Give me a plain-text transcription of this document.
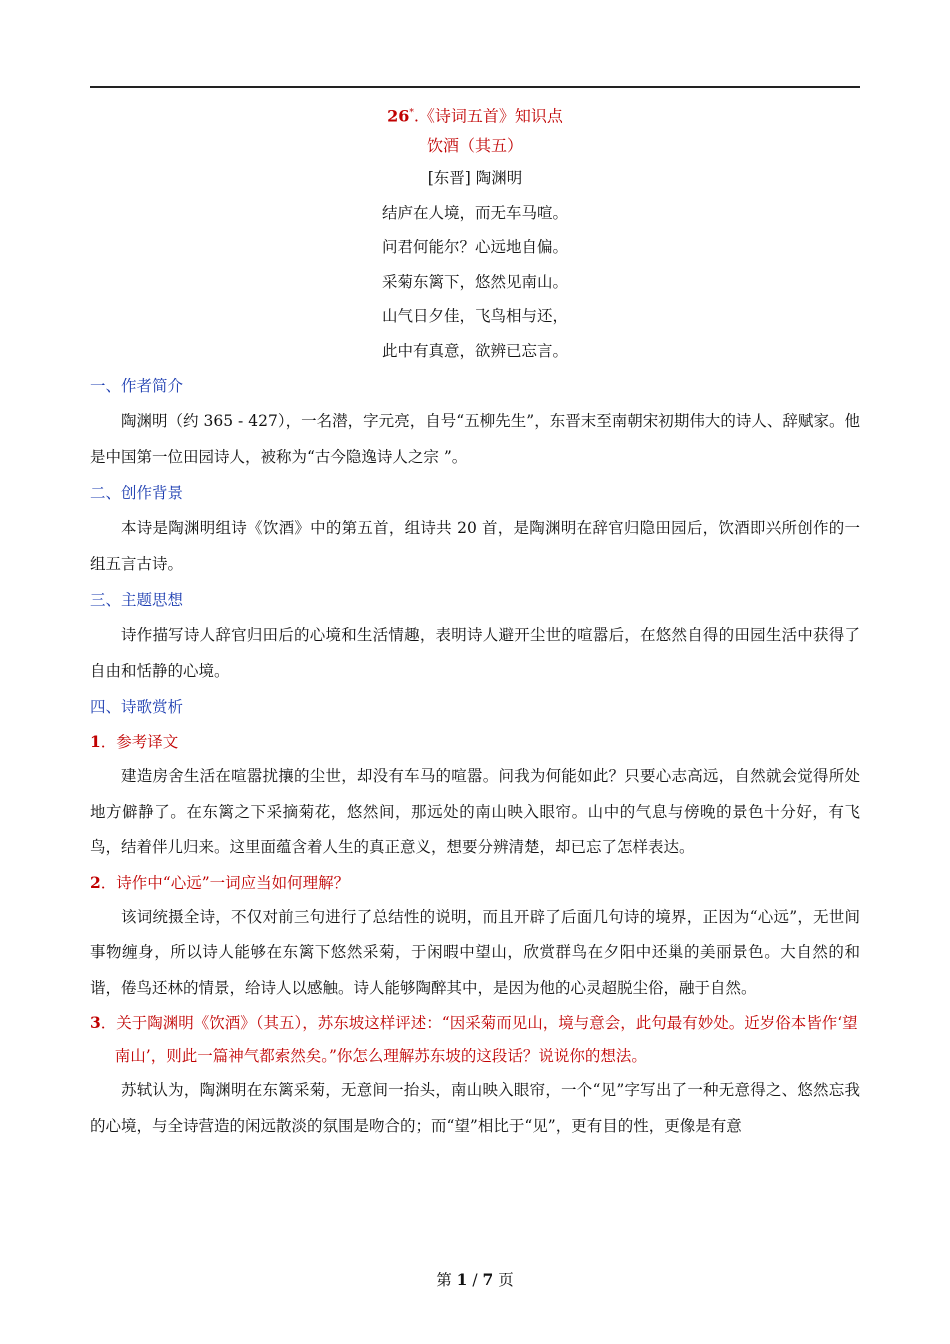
26*.《诗词五首》知识点
饮酒（其五）
[东晋] 陶渊明
结庐在人境，而无车马喧。
问君何能尔？心远地自偏。
采菊东篱下，悠然见南山。
山气日夕佳，飞鸟相与还，
此中有真意，欲辨已忘言。
一、作者简介

陶渊明（约 365 - 427），一名潜，字元亮，自号“五柳先生”，东晋末至南朝宋初期伟大的诗人、辞赋家。他是中国第一位田园诗人，被称为“古今隐逸诗人之宗 ”。

二、创作背景

本诗是陶渊明组诗《饮酒》中的第五首，组诗共 20 首，是陶渊明在辞官归隐田园后，饮酒即兴所创作的一组五言古诗。

三、主题思想

诗作描写诗人辞官归田后的心境和生活情趣，表明诗人避开尘世的喧嚣后，在悠然自得的田园生活中获得了自由和恬静的心境。

四、诗歌赏析
1．参考译文

建造房舍生活在喧嚣扰攘的尘世，却没有车马的喧嚣。问我为何能如此？只要心志高远，自然就会觉得所处地方僻静了。在东篱之下采摘菊花，悠然间，那远处的南山映入眼帘。山中的气息与傍晚的景色十分好，有飞鸟，结着伴儿归来。这里面蕴含着人生的真正意义，想要分辨清楚，却已忘了怎样表达。

2．诗作中“心远”一词应当如何理解？

该词统摄全诗，不仅对前三句进行了总结性的说明，而且开辟了后面几句诗的境界，正因为“心远”，无世间事物缠身，所以诗人能够在东篱下悠然采菊，于闲暇中望山，欣赏群鸟在夕阳中还巢的美丽景色。大自然的和谐，倦鸟还林的情景，给诗人以感触。诗人能够陶醉其中，是因为他的心灵超脱尘俗，融于自然。

3．关于陶渊明《饮酒》（其五），苏东坡这样评述：“因采菊而见山，境与意会，此句最有妙处。近岁俗本皆作‘望南山’，则此一篇神气都索然矣。”你怎么理解苏东坡的这段话？说说你的想法。

苏轼认为，陶渊明在东篱采菊，无意间一抬头，南山映入眼帘，一个“见”字写出了一种无意得之、悠然忘我的心境，与全诗营造的闲远散淡的氛围是吻合的；而“望”相比于“见”，更有目的性，更像是有意

第 1 / 7 页
